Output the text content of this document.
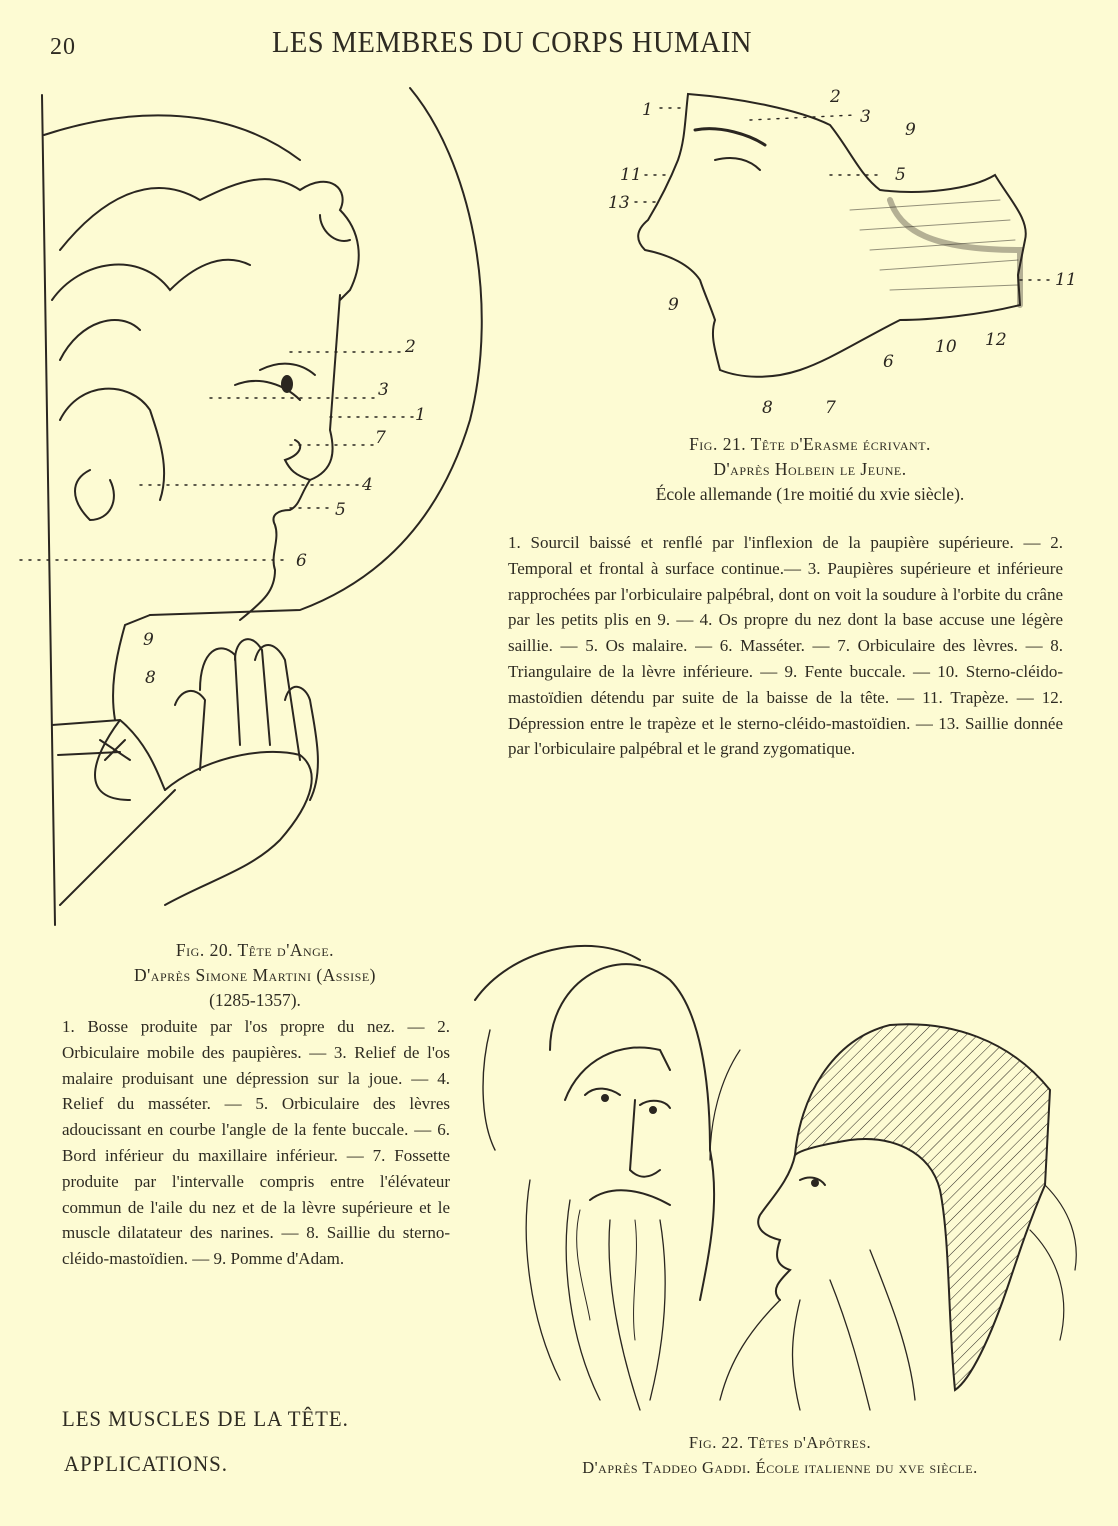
20	LES MEMBRES DU CORPS HUMAIN
2
3
1
7
4
5
6
9
8
1
2
3
9
5
11
13
9
11
12
10
6
8	7
Fig. 21. Tête d'Erasme écrivant.
D'après Holbein le Jeune.
École allemande (1re moitié du xvie siècle).

1. Sourcil baissé et renflé par l'inflexion de la paupière supérieure. — 2. Temporal et frontal à surface continue.— 3. Paupières supérieure et inférieure rapprochées par l'orbiculaire palpébral, dont on voit la soudure à l'orbite du crâne par les petits plis en 9. — 4. Os propre du nez dont la base accuse une légère saillie. — 5. Os malaire. — 6. Masséter. — 7. Orbiculaire des lèvres. — 8. Triangulaire de la lèvre inférieure. — 9. Fente buccale. — 10. Sterno-cléido-mastoïdien détendu par suite de la baisse de la tête. — 11. Trapèze. — 12. Dépression entre le trapèze et le sterno-cléido-mastoïdien. — 13. Saillie donnée par l'orbiculaire palpébral et le grand zygomatique.

Fig. 20. Tête d'Ange.
D'après Simone Martini (Assise)
(1285-1357).

1. Bosse produite par l'os propre du nez. — 2. Orbiculaire mobile des paupières. — 3. Relief de l'os malaire produisant une dépression sur la joue. — 4. Relief du masséter. — 5. Orbiculaire des lèvres adoucissant en courbe l'angle de la fente buccale. — 6. Bord inférieur du maxillaire inférieur. — 7. Fossette produite par l'intervalle compris entre l'élévateur commun de l'aile du nez et de la lèvre supérieure et le muscle dilatateur des narines. — 8. Saillie du sterno-cléido-mastoïdien. — 9. Pomme d'Adam.

LES MUSCLES DE LA TÊTE.
APPLICATIONS.
Fig. 22. Têtes d'Apôtres.
D'après Taddeo Gaddi. École italienne du xve siècle.
